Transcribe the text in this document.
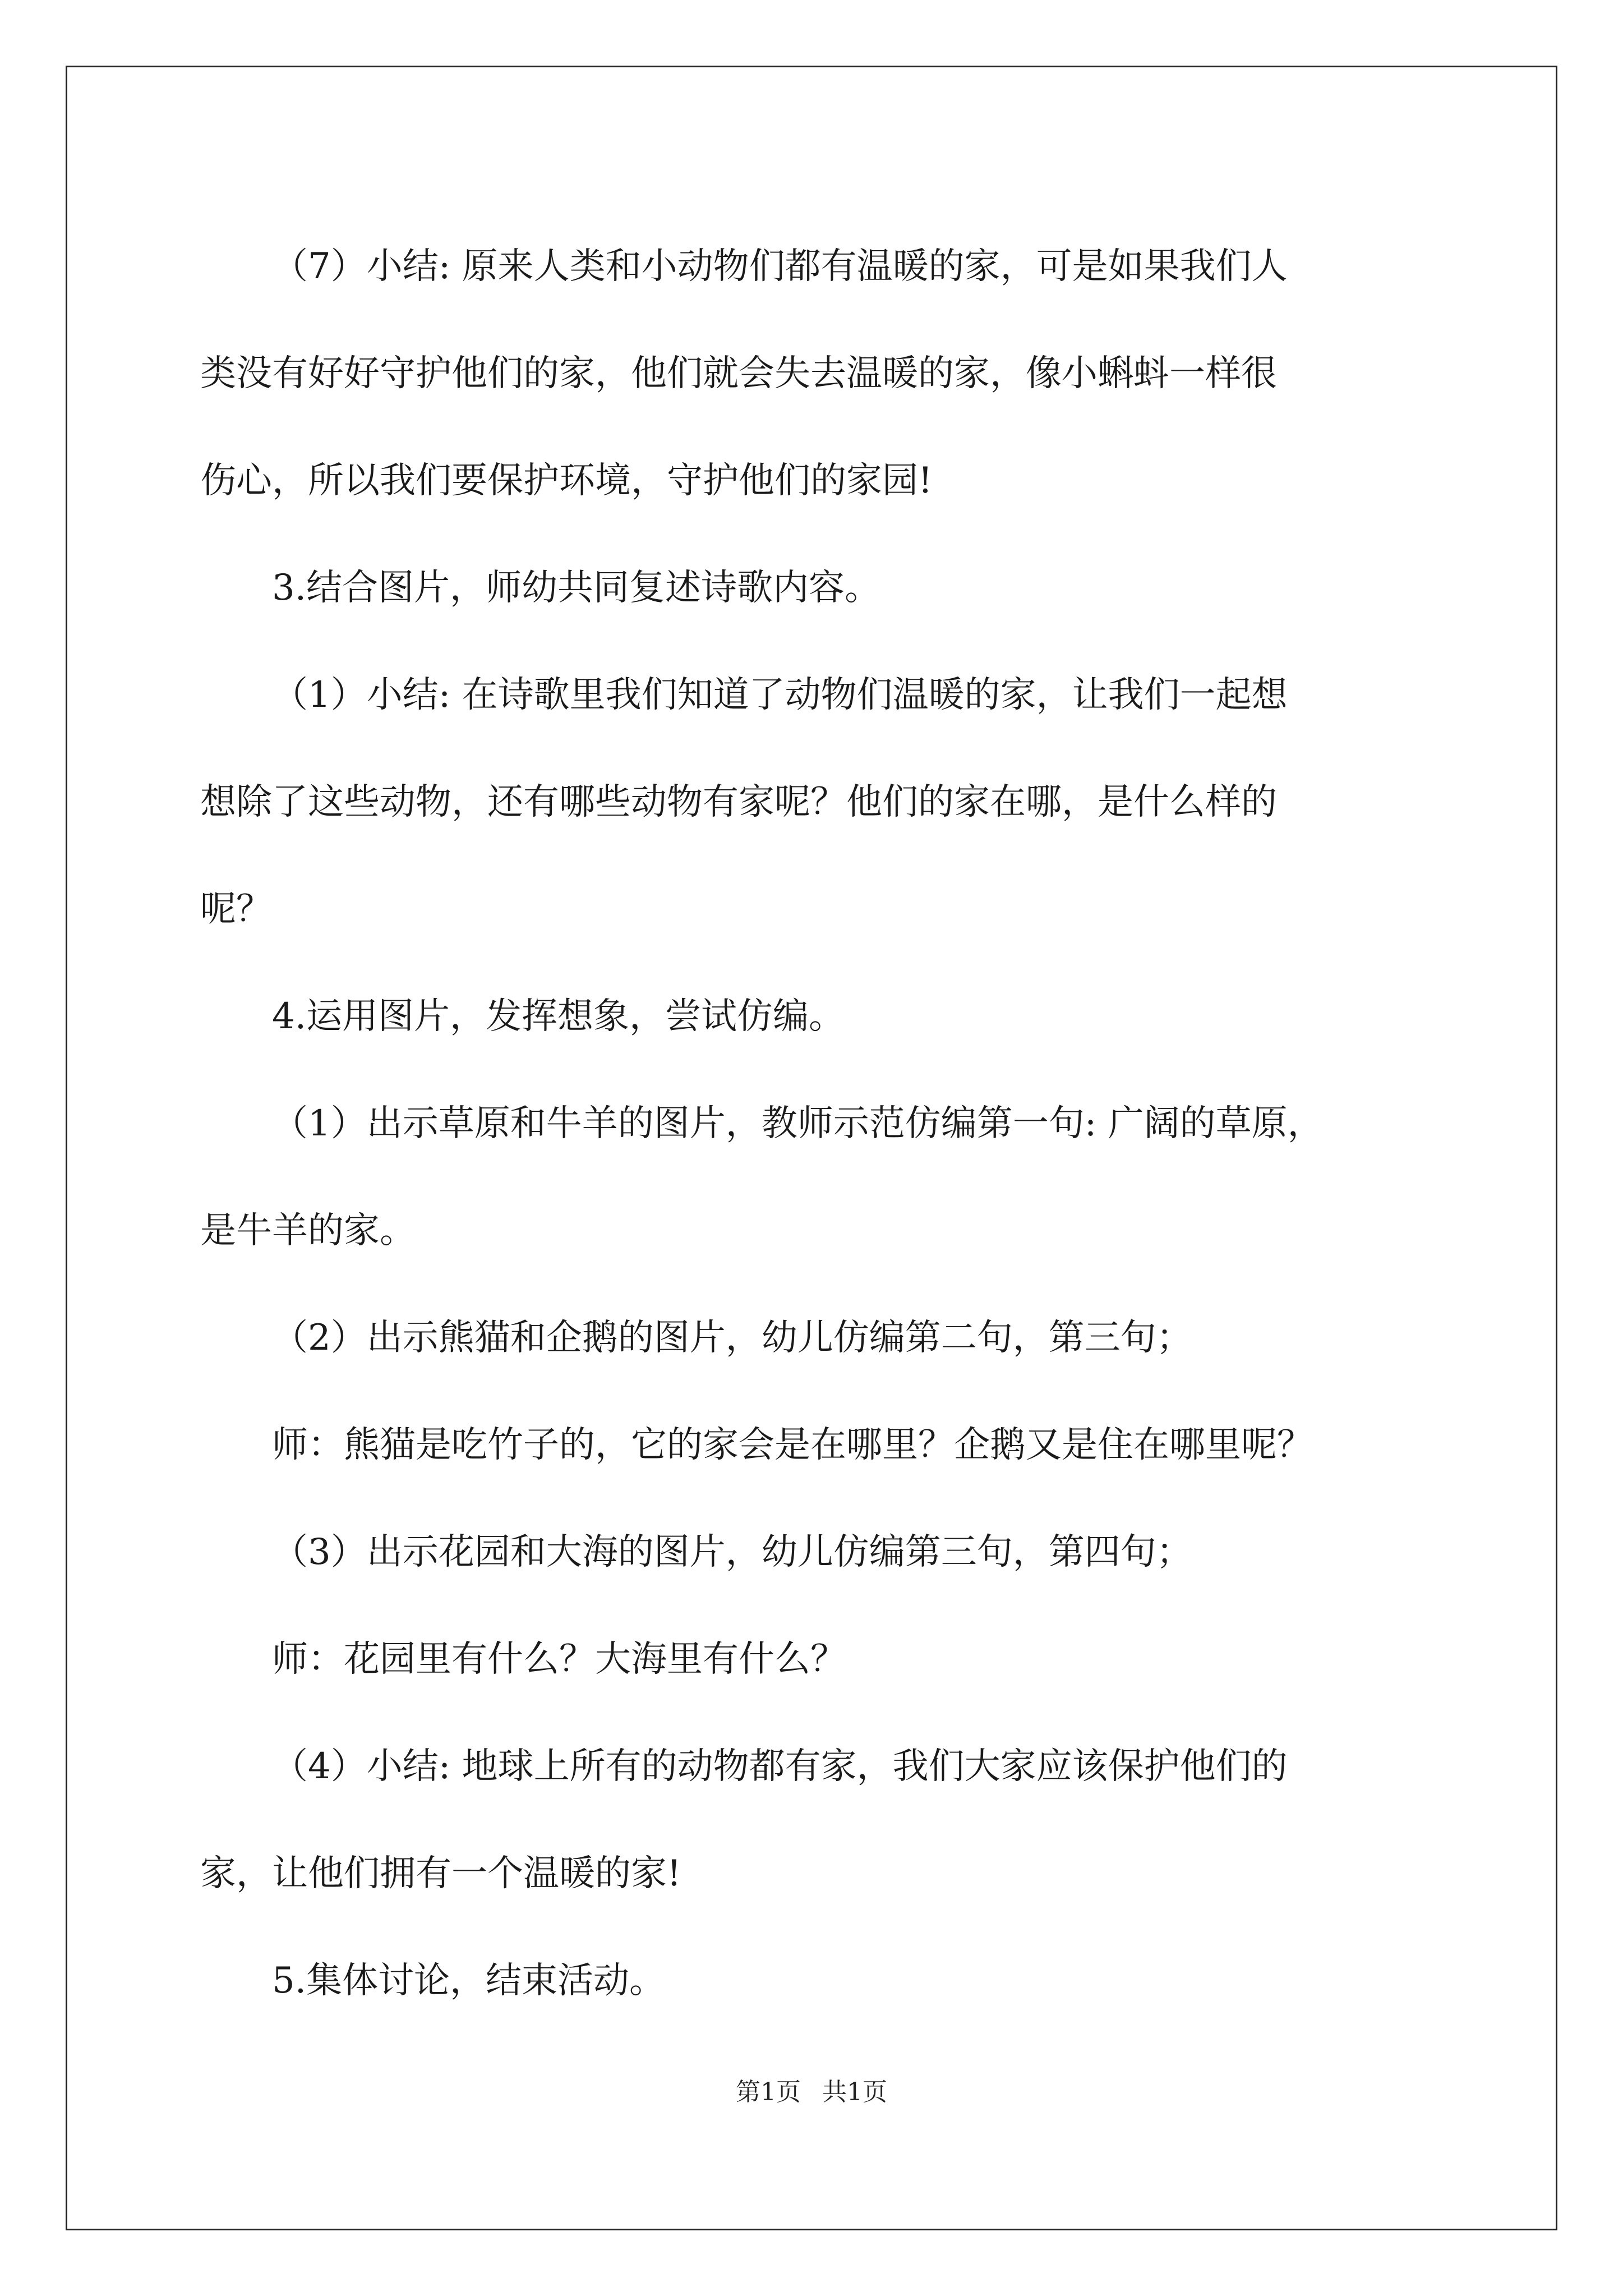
（7）小结: 原来人类和小动物们都有温暖的家，可是如果我们人

类没有好好守护他们的家，他们就会失去温暖的家，像小蝌蚪一样很

伤心，所以我们要保护环境，守护他们的家园!

3.结合图片，师幼共同复述诗歌内容。

（1）小结: 在诗歌里我们知道了动物们温暖的家，让我们一起想

想除了这些动物，还有哪些动物有家呢？他们的家在哪，是什么样的

呢？

4.运用图片，发挥想象，尝试仿编。

（1）出示草原和牛羊的图片，教师示范仿编第一句: 广阔的草原，

是牛羊的家。

（2）出示熊猫和企鹅的图片，幼儿仿编第二句，第三句；

师：熊猫是吃竹子的，它的家会是在哪里？企鹅又是住在哪里呢？

（3）出示花园和大海的图片，幼儿仿编第三句，第四句；

师：花园里有什么？大海里有什么？

（4）小结: 地球上所有的动物都有家，我们大家应该保护他们的

家，让他们拥有一个温暖的家!

5.集体讨论，结束活动。

第1页 共1页
